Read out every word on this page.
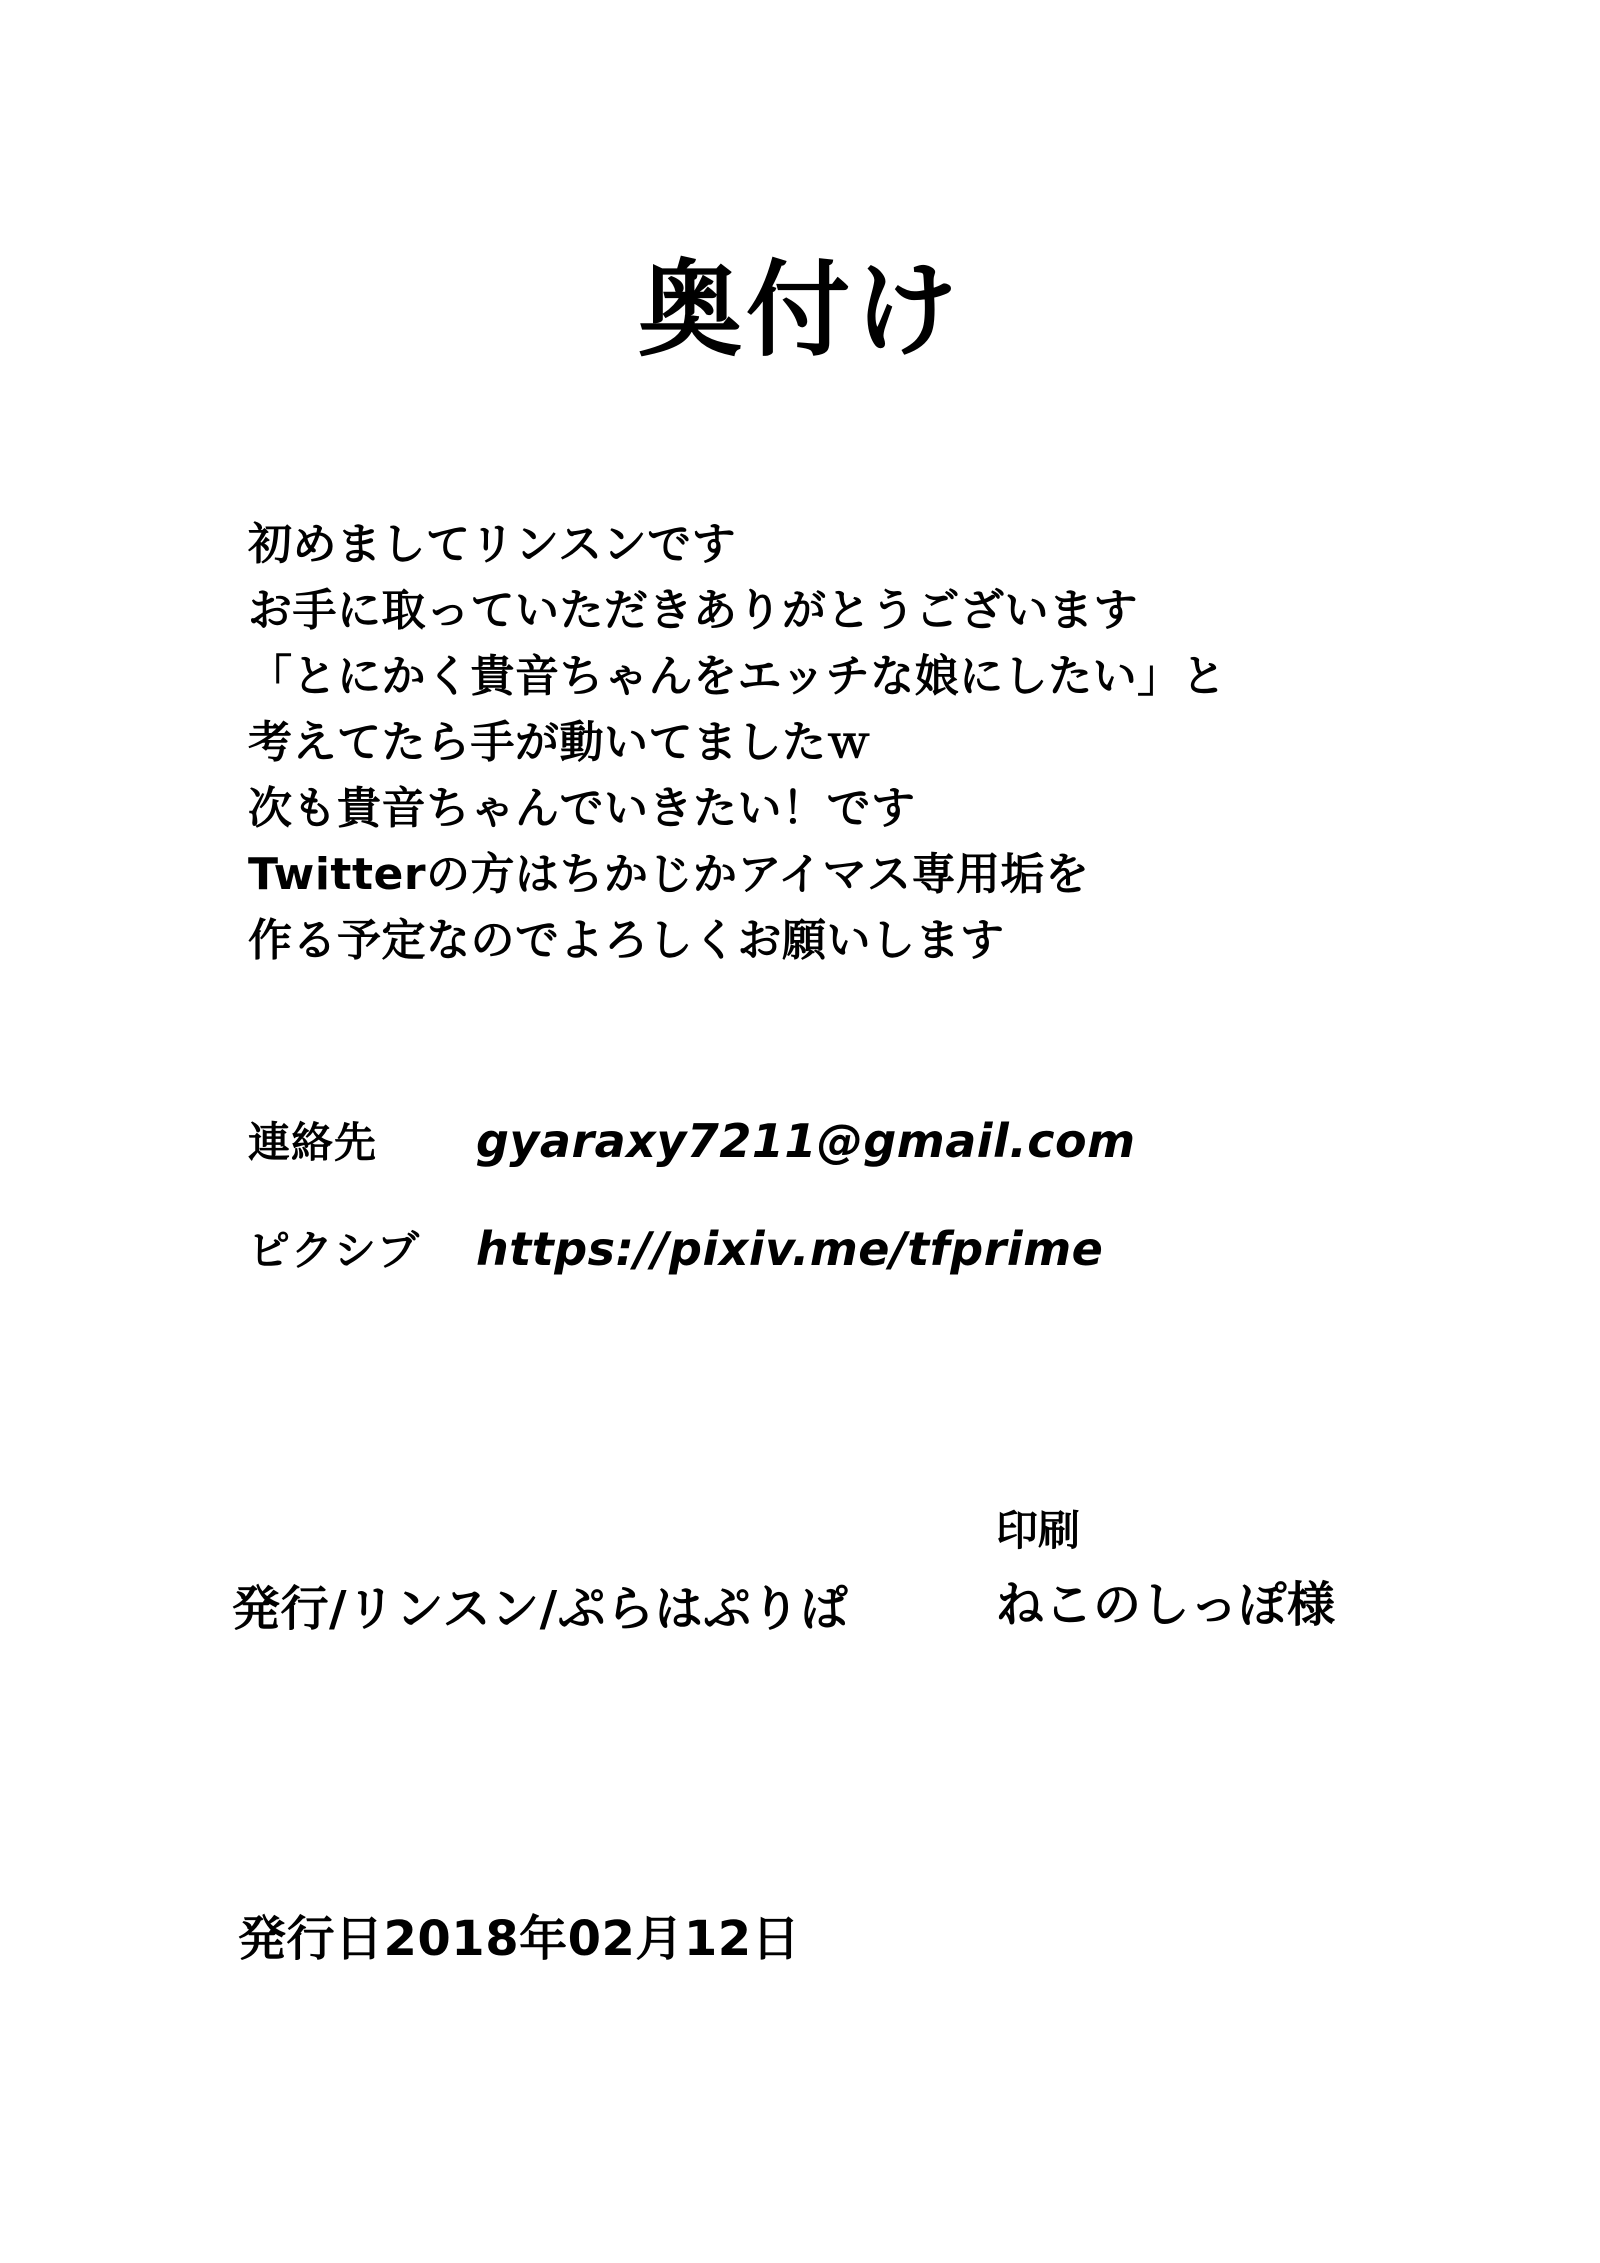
奥付け
初めましてリンスンです
お手に取っていただきありがとうございます
「とにかく貴音ちゃんをエッチな娘にしたい」と
考えてたら手が動いてましたｗ
次も貴音ちゃんでいきたい！です
Twitterの方はちかじかアイマス専用垢を
作る予定なのでよろしくお願いします
連絡先	gyaraxy7211@gmail.com
ピクシブ	https://pixiv.me/tfprime
印刷
発行/リンスン/ぷらはぷりぱ	ねこのしっぽ様
発行日2018年02月12日
